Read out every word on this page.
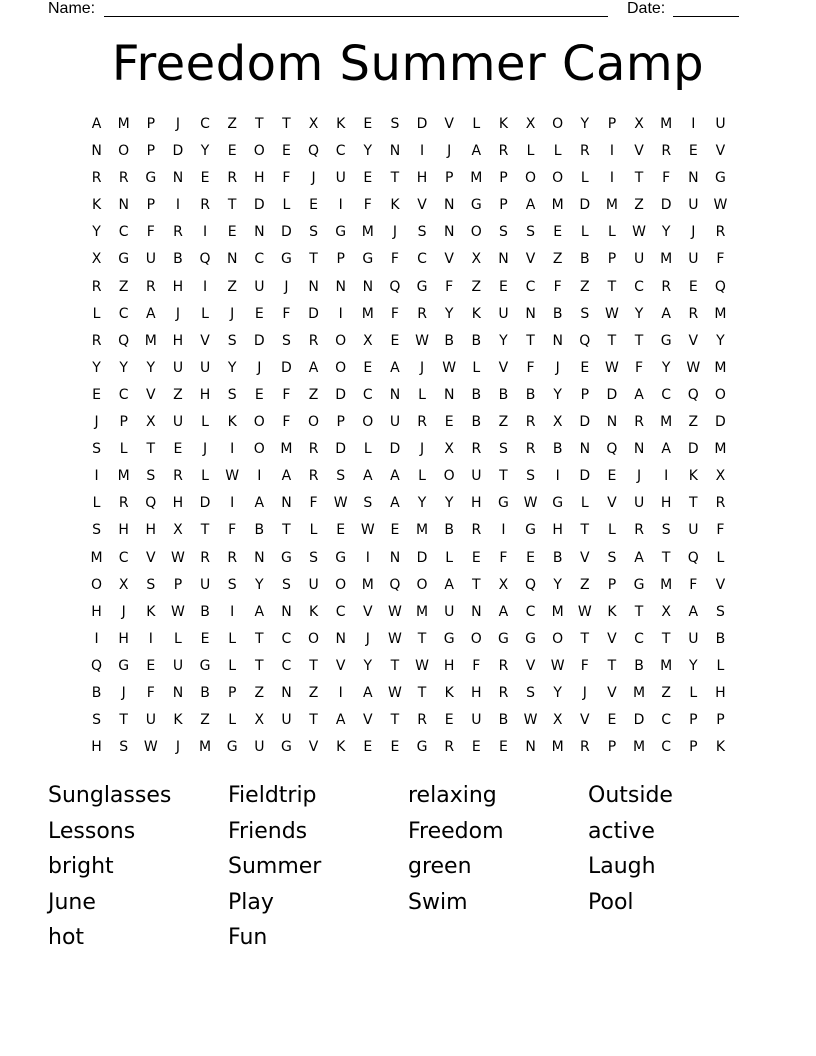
Name:	Date:
Freedom Summer Camp
A	M	P	J	C	Z	T	T	X	K	E	S	D	V	L	K	X	O	Y	P	X	M	I	U
N	O	P	D	Y	E	O	E	Q	C	Y	N	I	J	A	R	L	L	R	I	V	R	E	V
R	R	G	N	E	R	H	F	J	U	E	T	H	P	M	P	O	O	L	I	T	F	N	G
K	N	P	I	R	T	D	L	E	I	F	K	V	N	G	P	A	M	D	M	Z	D	U	W
Y	C	F	R	I	E	N	D	S	G	M	J	S	N	O	S	S	E	L	L	W	Y	J	R
X	G	U	B	Q	N	C	G	T	P	G	F	C	V	X	N	V	Z	B	P	U	M	U	F
R	Z	R	H	I	Z	U	J	N	N	N	Q	G	F	Z	E	C	F	Z	T	C	R	E	Q
L	C	A	J	L	J	E	F	D	I	M	F	R	Y	K	U	N	B	S	W	Y	A	R	M
R	Q	M	H	V	S	D	S	R	O	X	E	W	B	B	Y	T	N	Q	T	T	G	V	Y
Y	Y	Y	U	U	Y	J	D	A	O	E	A	J	W	L	V	F	J	E	W	F	Y	W	M
E	C	V	Z	H	S	E	F	Z	D	C	N	L	N	B	B	B	Y	P	D	A	C	Q	O
J	P	X	U	L	K	O	F	O	P	O	U	R	E	B	Z	R	X	D	N	R	M	Z	D
S	L	T	E	J	I	O	M	R	D	L	D	J	X	R	S	R	B	N	Q	N	A	D	M
I	M	S	R	L	W	I	A	R	S	A	A	L	O	U	T	S	I	D	E	J	I	K	X
L	R	Q	H	D	I	A	N	F	W	S	A	Y	Y	H	G	W	G	L	V	U	H	T	R
S	H	H	X	T	F	B	T	L	E	W	E	M	B	R	I	G	H	T	L	R	S	U	F
M	C	V	W	R	R	N	G	S	G	I	N	D	L	E	F	E	B	V	S	A	T	Q	L
O	X	S	P	U	S	Y	S	U	O	M	Q	O	A	T	X	Q	Y	Z	P	G	M	F	V
H	J	K	W	B	I	A	N	K	C	V	W	M	U	N	A	C	M	W	K	T	X	A	S
I	H	I	L	E	L	T	C	O	N	J	W	T	G	O	G	G	O	T	V	C	T	U	B
Q	G	E	U	G	L	T	C	T	V	Y	T	W	H	F	R	V	W	F	T	B	M	Y	L
B	J	F	N	B	P	Z	N	Z	I	A	W	T	K	H	R	S	Y	J	V	M	Z	L	H
S	T	U	K	Z	L	X	U	T	A	V	T	R	E	U	B	W	X	V	E	D	C	P	P
H	S	W	J	M	G	U	G	V	K	E	E	G	R	E	E	N	M	R	P	M	C	P	K
Sunglasses	Fieldtrip	relaxing	Outside
Lessons	Friends	Freedom	active
bright	Summer	green	Laugh
June	Play	Swim	Pool
hot	Fun
